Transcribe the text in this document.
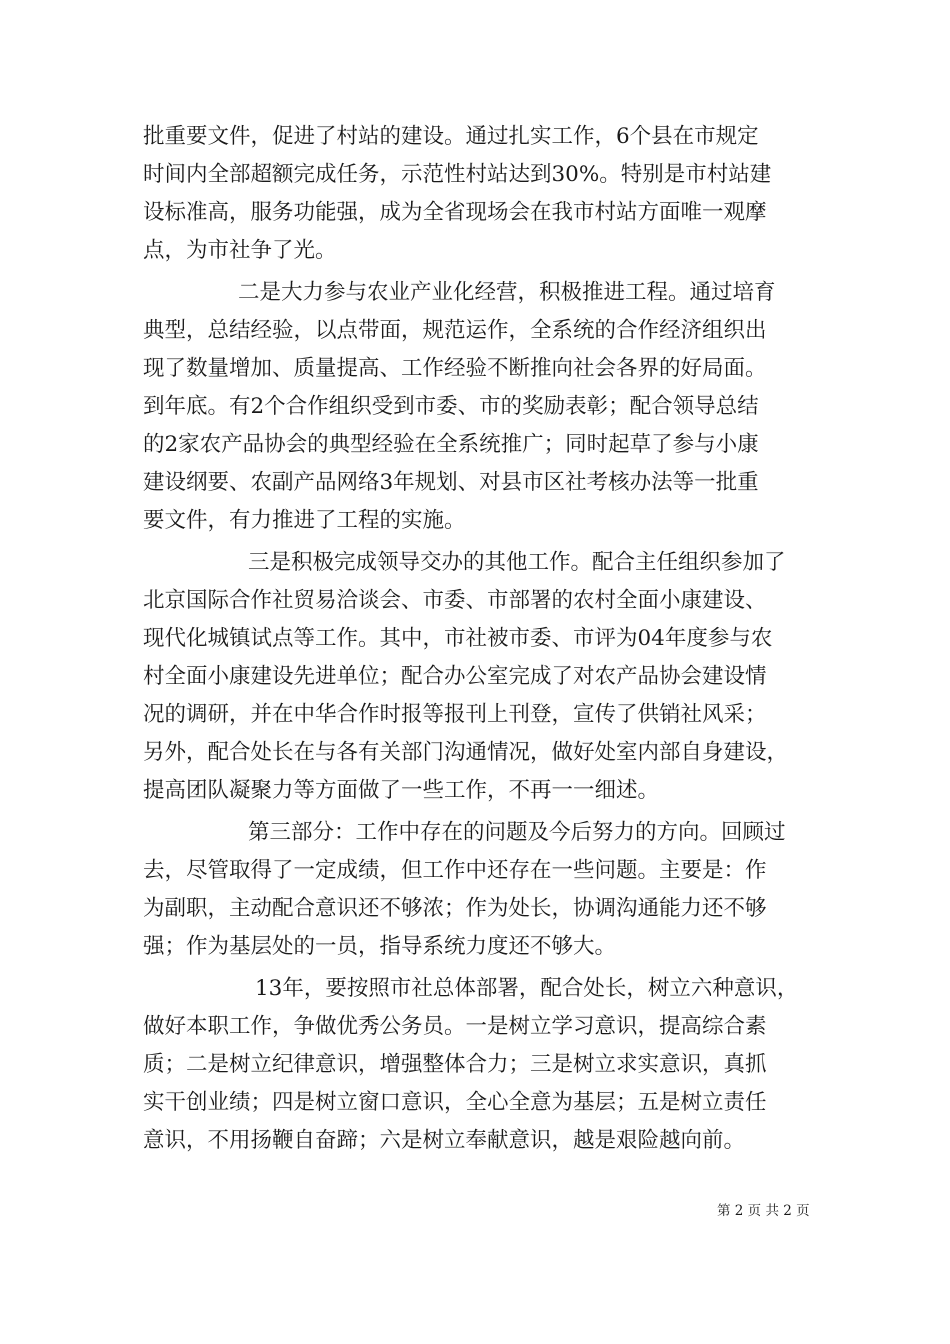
批重要文件，促进了村站的建设。通过扎实工作，6个县在市规定
时间内全部超额完成任务，示范性村站达到30%。特别是市村站建
设标准高，服务功能强，成为全省现场会在我市村站方面唯一观摩
点，为市社争了光。
二是大力参与农业产业化经营，积极推进工程。通过培育
典型，总结经验，以点带面，规范运作，全系统的合作经济组织出
现了数量增加、质量提高、工作经验不断推向社会各界的好局面。
到年底。有2个合作组织受到市委、市的奖励表彰；配合领导总结
的2家农产品协会的典型经验在全系统推广；同时起草了参与小康
建设纲要、农副产品网络3年规划、对县市区社考核办法等一批重
要文件，有力推进了工程的实施。
三是积极完成领导交办的其他工作。配合主任组织参加了
北京国际合作社贸易洽谈会、市委、市部署的农村全面小康建设、
现代化城镇试点等工作。其中，市社被市委、市评为04年度参与农
村全面小康建设先进单位；配合办公室完成了对农产品协会建设情
况的调研，并在中华合作时报等报刊上刊登，宣传了供销社风采；
另外，配合处长在与各有关部门沟通情况，做好处室内部自身建设，
提高团队凝聚力等方面做了一些工作，不再一一细述。
第三部分：工作中存在的问题及今后努力的方向。回顾过
去，尽管取得了一定成绩，但工作中还存在一些问题。主要是：作
为副职，主动配合意识还不够浓；作为处长，协调沟通能力还不够
强；作为基层处的一员，指导系统力度还不够大。
13年，要按照市社总体部署，配合处长，树立六种意识，
做好本职工作，争做优秀公务员。一是树立学习意识，提高综合素
质；二是树立纪律意识，增强整体合力；三是树立求实意识，真抓
实干创业绩；四是树立窗口意识，全心全意为基层；五是树立责任
意识，不用扬鞭自奋蹄；六是树立奉献意识，越是艰险越向前。
第 2 页 共 2 页
